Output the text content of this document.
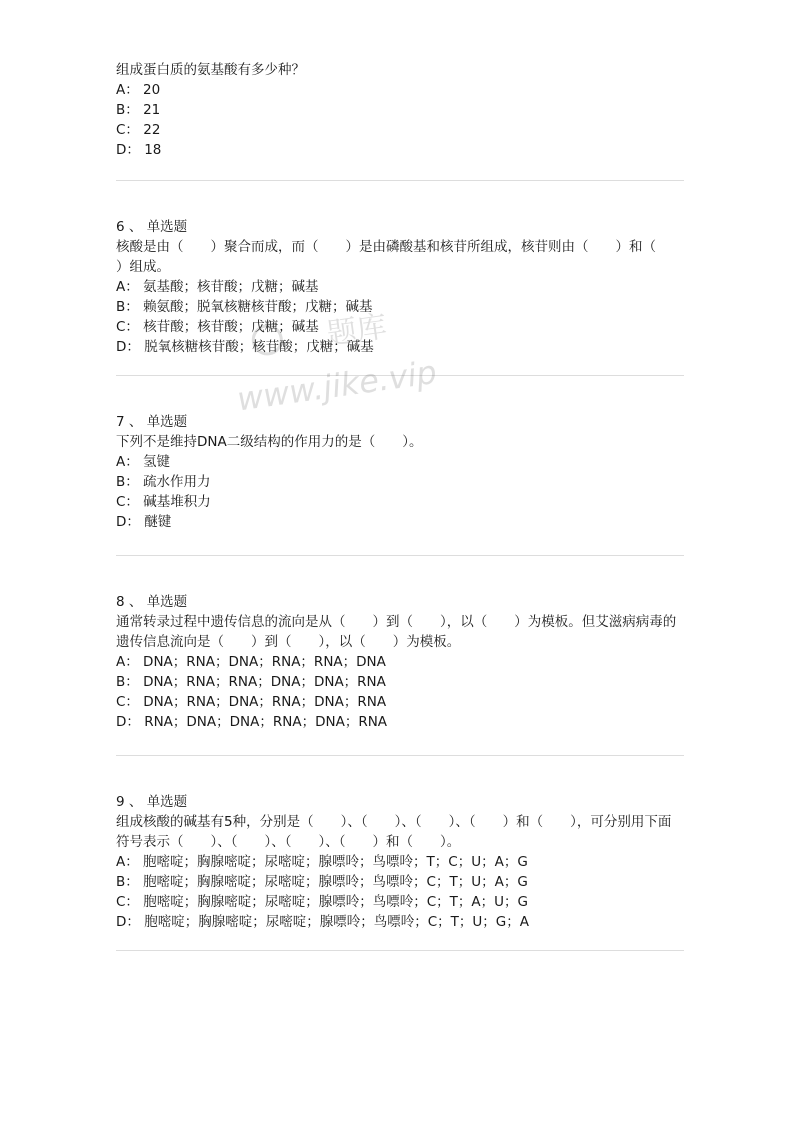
组成蛋白质的氨基酸有多少种？
A： 20
B： 21
C： 22
D： 18
6 、 单选题
核酸是由（　　）聚合而成，而（　　）是由磷酸基和核苷所组成，核苷则由（　　）和（　　）组成。
A： 氨基酸；核苷酸；戊糖；碱基
B： 赖氨酸；脱氧核糖核苷酸；戊糖；碱基
C： 核苷酸；核苷酸；戊糖；碱基
D： 脱氧核糖核苷酸；核苷酸；戊糖；碱基
7 、 单选题
下列不是维持DNA二级结构的作用力的是（　　）。
A： 氢键
B： 疏水作用力
C： 碱基堆积力
D： 醚键
8 、 单选题
通常转录过程中遗传信息的流向是从（　　）到（　　），以（　　）为模板。但艾滋病病毒的遗传信息流向是（　　）到（　　），以（　　）为模板。
A： DNA；RNA；DNA；RNA；RNA；DNA
B： DNA；RNA；RNA；DNA；DNA；RNA
C： DNA；RNA；DNA；RNA；DNA；RNA
D： RNA；DNA；DNA；RNA；DNA；RNA
9 、 单选题
组成核酸的碱基有5种，分别是（　　）、（　　）、（　　）、（　　）和（　　），可分别用下面符号表示（　　）、（　　）、（　　）、（　　）和（　　）。
A： 胞嘧啶；胸腺嘧啶；尿嘧啶；腺嘌呤；鸟嘌呤；T；C；U；A；G
B： 胞嘧啶；胸腺嘧啶；尿嘧啶；腺嘌呤；鸟嘌呤；C；T；U；A；G
C： 胞嘧啶；胸腺嘧啶；尿嘧啶；腺嘌呤；鸟嘌呤；C；T；A；U；G
D： 胞嘧啶；胸腺嘧啶；尿嘧啶；腺嘌呤；鸟嘌呤；C；T；U；G；A
题库
www.jike.vip
